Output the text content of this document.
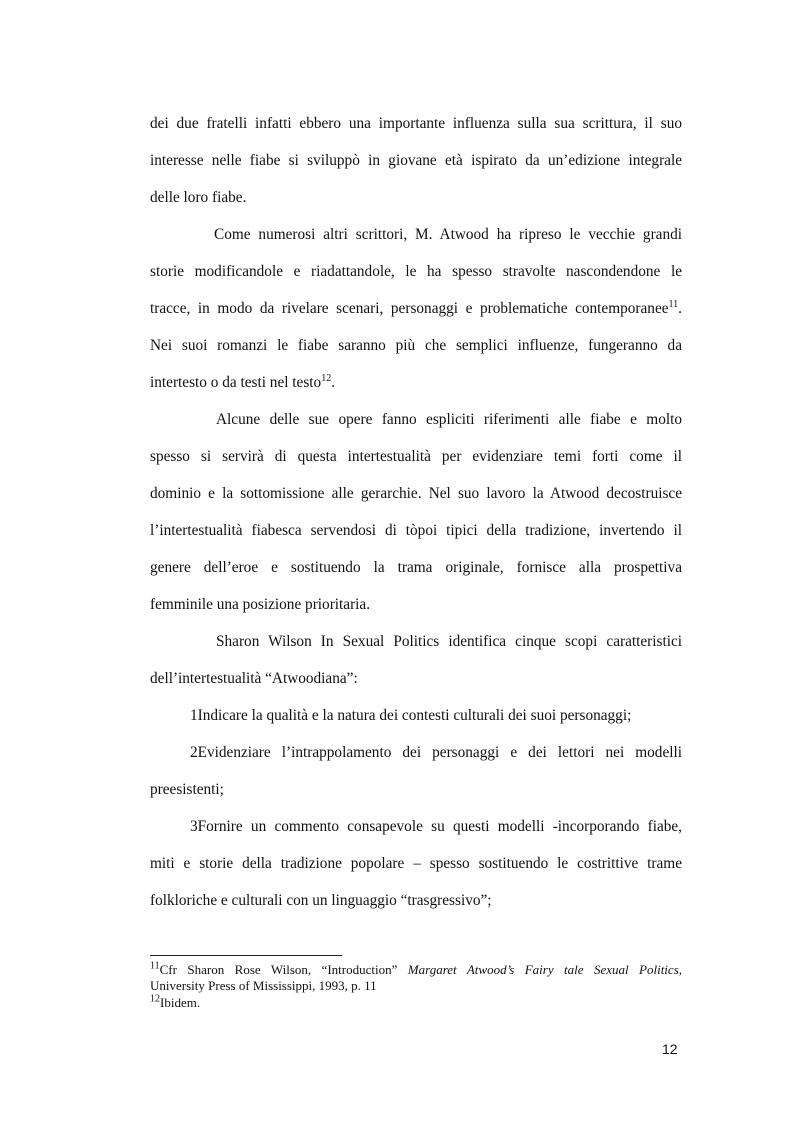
dei due fratelli infatti ebbero una importante influenza sulla sua scrittura, il suo
interesse nelle fiabe si sviluppò in giovane età ispirato da un’edizione integrale
delle loro fiabe.
Come numerosi altri scrittori, M. Atwood ha ripreso le vecchie grandi
storie modificandole e riadattandole, le ha spesso stravolte nascondendone le
tracce, in modo da rivelare scenari, personaggi e problematiche contemporanee$^{11}$.
Nei suoi romanzi le fiabe saranno più che semplici influenze, fungeranno da
intertesto o da testi nel testo$^{12}$.
Alcune delle sue opere fanno espliciti riferimenti alle fiabe e molto
spesso si servirà di questa intertestualità per evidenziare temi forti come il
dominio e la sottomissione alle gerarchie. Nel suo lavoro la Atwood decostruisce
l’intertestualità fiabesca servendosi di tòpoi tipici della tradizione, invertendo il
genere dell’eroe e sostituendo la trama originale, fornisce alla prospettiva
femminile una posizione prioritaria.
Sharon Wilson In Sexual Politics identifica cinque scopi caratteristici
dell’intertestualità “Atwoodiana”:
1Indicare la qualità e la natura dei contesti culturali dei suoi personaggi;
2Evidenziare l’intrappolamento dei personaggi e dei lettori nei modelli
preesistenti;
3Fornire un commento consapevole su questi modelli -incorporando fiabe,
miti e storie della tradizione popolare – spesso sostituendo le costrittive trame
folkloriche e culturali con un linguaggio “trasgressivo”;
$^{11}$Cfr Sharon Rose Wilson, “Introduction” Margaret Atwood’s Fairy tale Sexual Politics,
University Press of Mississippi, 1993, p. 11
$^{12}$Ibidem.
12
